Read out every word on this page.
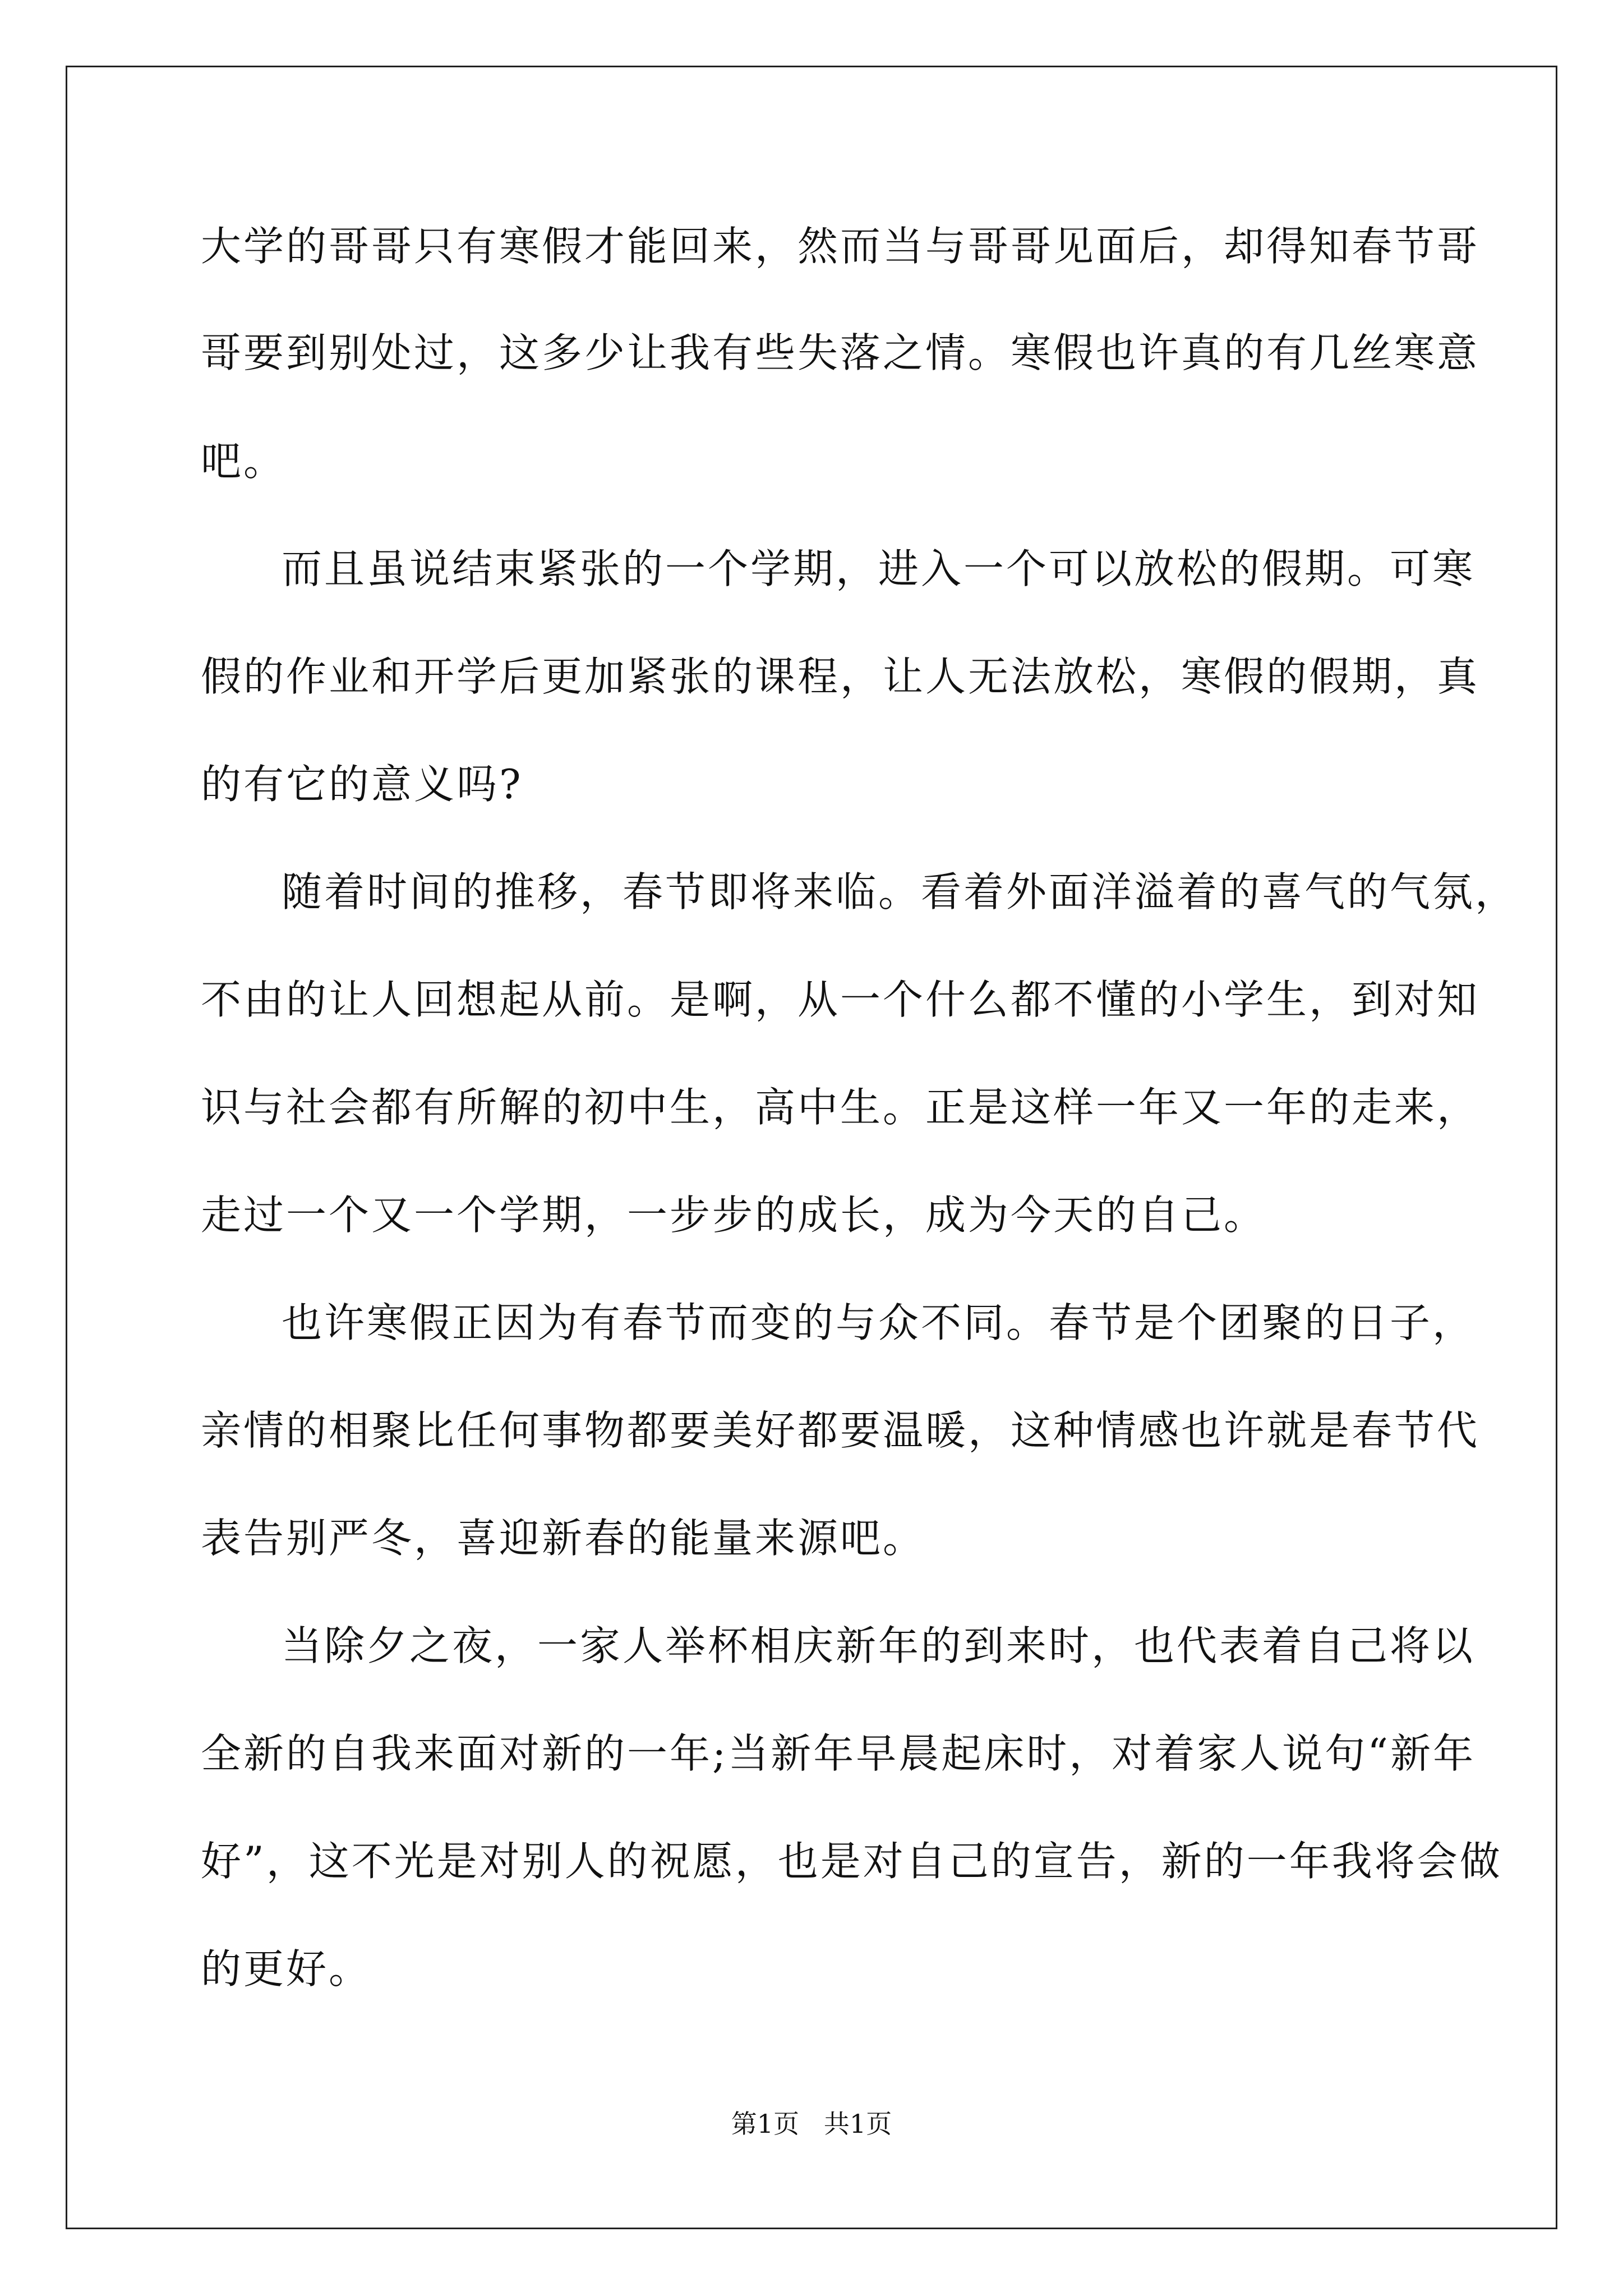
大学的哥哥只有寒假才能回来，然而当与哥哥见面后，却得知春节哥
哥要到别处过，这多少让我有些失落之情。寒假也许真的有几丝寒意
吧。
而且虽说结束紧张的一个学期，进入一个可以放松的假期。可寒
假的作业和开学后更加紧张的课程，让人无法放松，寒假的假期，真
的有它的意义吗?
随着时间的推移，春节即将来临。看着外面洋溢着的喜气的气氛，
不由的让人回想起从前。是啊，从一个什么都不懂的小学生，到对知
识与社会都有所解的初中生，高中生。正是这样一年又一年的走来，
走过一个又一个学期，一步步的成长，成为今天的自己。
也许寒假正因为有春节而变的与众不同。春节是个团聚的日子，
亲情的相聚比任何事物都要美好都要温暖，这种情感也许就是春节代
表告别严冬，喜迎新春的能量来源吧。
当除夕之夜，一家人举杯相庆新年的到来时，也代表着自己将以
全新的自我来面对新的一年;当新年早晨起床时，对着家人说句“新年
好”，这不光是对别人的祝愿，也是对自己的宣告，新的一年我将会做
的更好。
第1页   共1页
